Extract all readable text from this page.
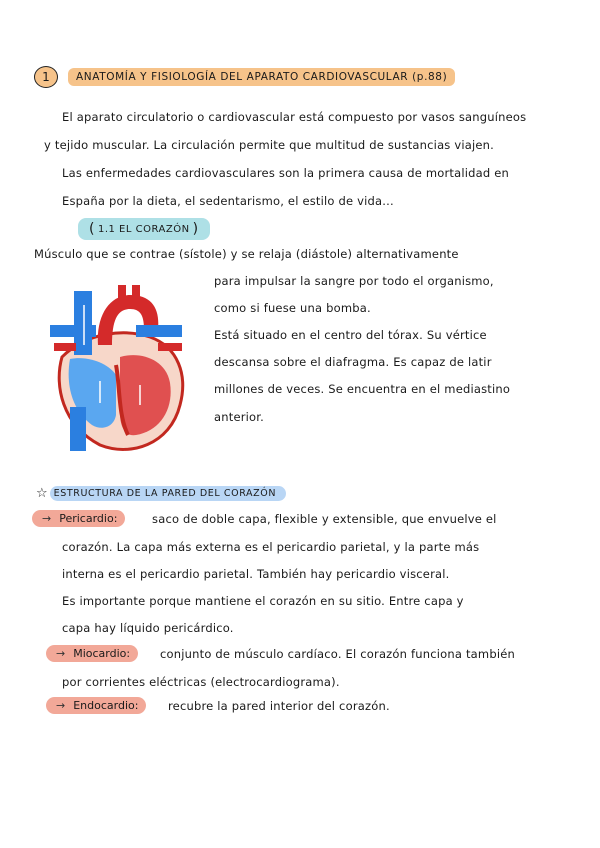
1	ANATOMÍA Y FISIOLOGÍA DEL APARATO CARDIOVASCULAR (p.88)
El aparato circulatorio o cardiovascular está compuesto por vasos sanguíneos
y tejido muscular. La circulación permite que multitud de sustancias viajen.
Las enfermedades cardiovasculares son la primera causa de mortalidad en
España por la dieta, el sedentarismo, el estilo de vida...
( 1.1 EL CORAZÓN )
Músculo que se contrae (sístole) y se relaja (diástole) alternativamente
para impulsar la sangre por todo el organismo,
como si fuese una bomba.
Está situado en el centro del tórax. Su vértice
descansa sobre el diafragma. Es capaz de latir
millones de veces. Se encuentra en el mediastino
anterior.
☆ ESTRUCTURA DE LA PARED DEL CORAZÓN
→ Pericardio:	saco de doble capa, flexible y extensible, que envuelve el
corazón. La capa más externa es el pericardio parietal, y la parte más
interna es el pericardio parietal. También hay pericardio visceral.
Es importante porque mantiene el corazón en su sitio. Entre capa y
capa hay líquido pericárdico.
→ Miocardio:	conjunto de músculo cardíaco. El corazón funciona también
por corrientes eléctricas (electrocardiograma).
→ Endocardio:	recubre la pared interior del corazón.
